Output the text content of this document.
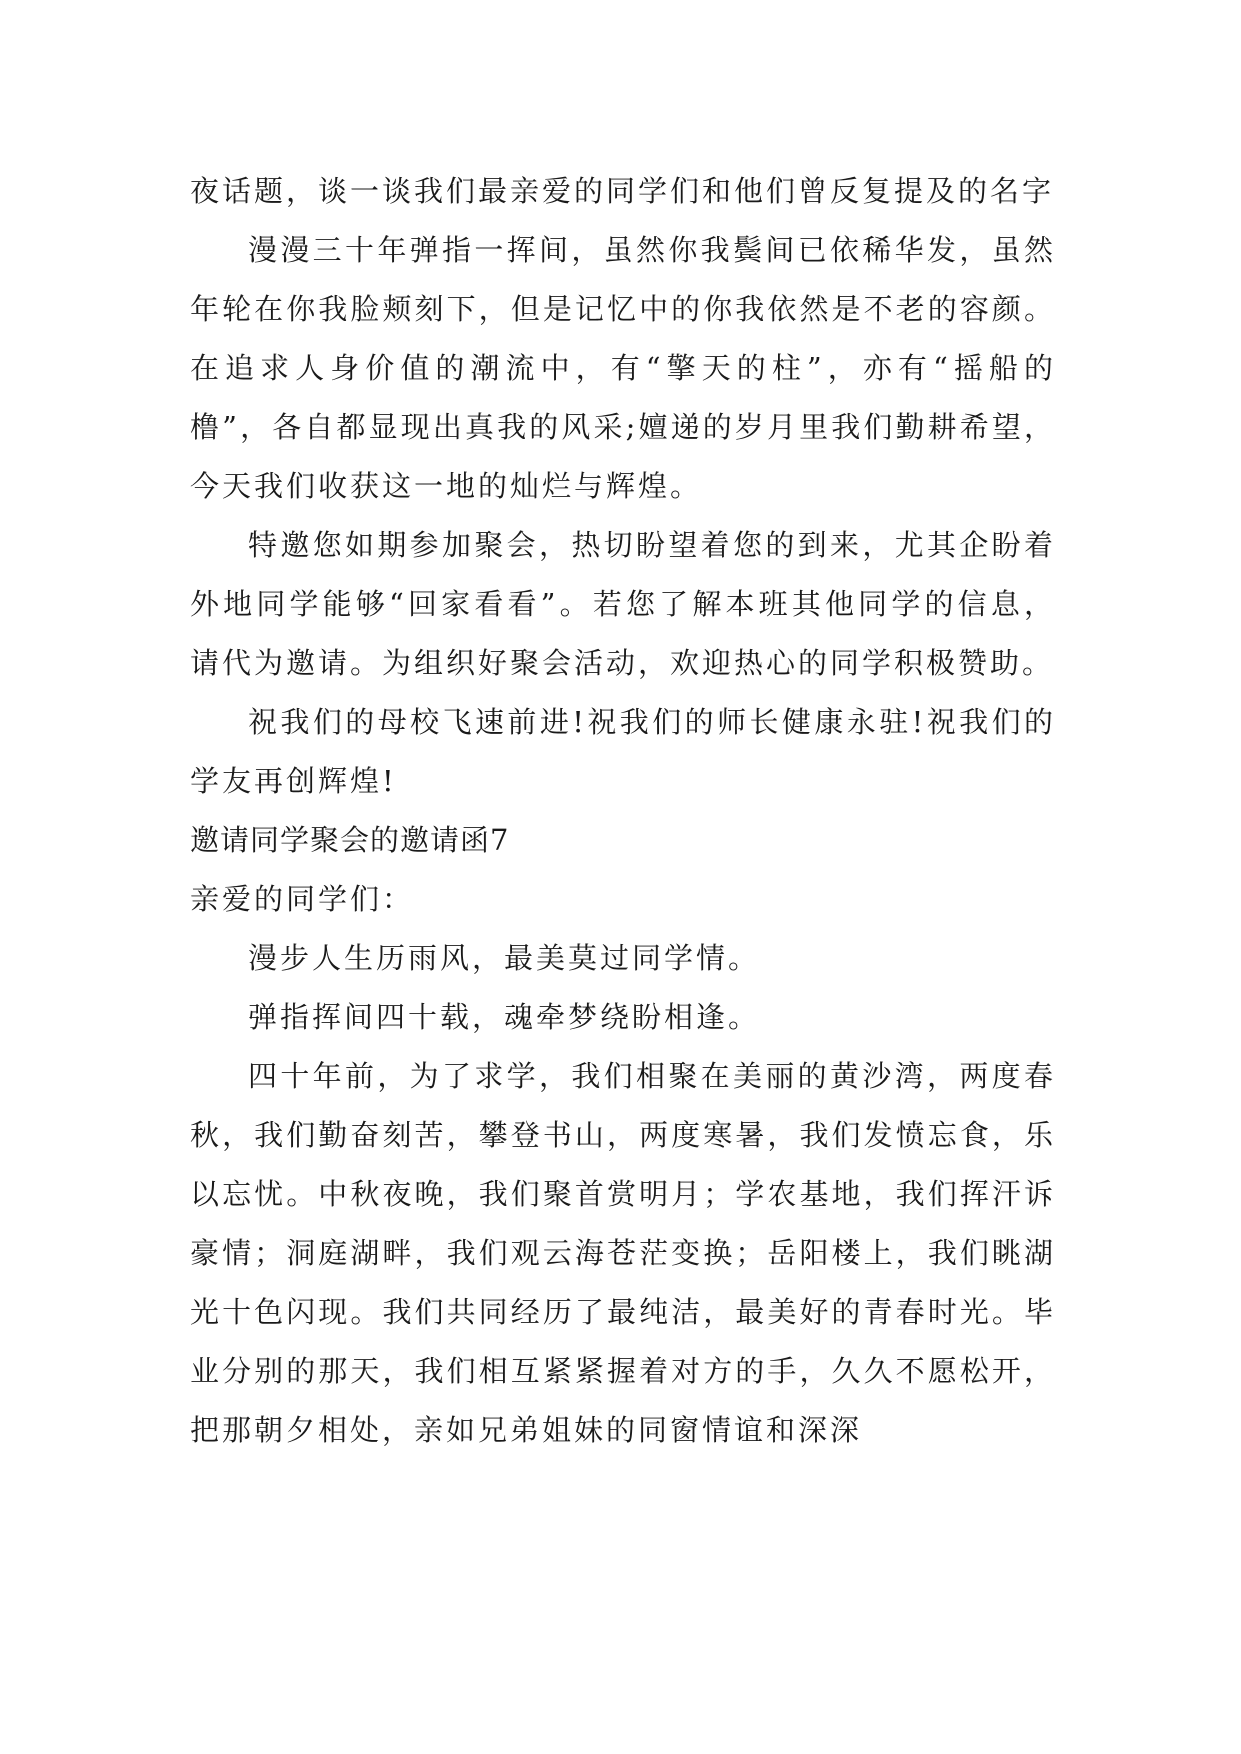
夜话题，谈一谈我们最亲爱的同学们和他们曾反复提及的名字

漫漫三十年弹指一挥间，虽然你我鬓间已依稀华发，虽然年轮在你我脸颊刻下，但是记忆中的你我依然是不老的容颜。在追求人身价值的潮流中，有“擎天的柱”，亦有“摇船的橹”，各自都显现出真我的风采;嬗递的岁月里我们勤耕希望，今天我们收获这一地的灿烂与辉煌。

特邀您如期参加聚会，热切盼望着您的到来，尤其企盼着外地同学能够“回家看看”。若您了解本班其他同学的信息，请代为邀请。为组织好聚会活动，欢迎热心的同学积极赞助。

祝我们的母校飞速前进!祝我们的师长健康永驻!祝我们的学友再创辉煌!

邀请同学聚会的邀请函7

亲爱的同学们：

漫步人生历雨风，最美莫过同学情。

弹指挥间四十载，魂牵梦绕盼相逢。

四十年前，为了求学，我们相聚在美丽的黄沙湾，两度春秋，我们勤奋刻苦，攀登书山，两度寒暑，我们发愤忘食，乐以忘忧。中秋夜晚，我们聚首赏明月；学农基地，我们挥汗诉豪情；洞庭湖畔，我们观云海苍茫变换；岳阳楼上，我们眺湖光十色闪现。我们共同经历了最纯洁，最美好的青春时光。毕业分别的那天，我们相互紧紧握着对方的手，久久不愿松开，把那朝夕相处，亲如兄弟姐妹的同窗情谊和深深
